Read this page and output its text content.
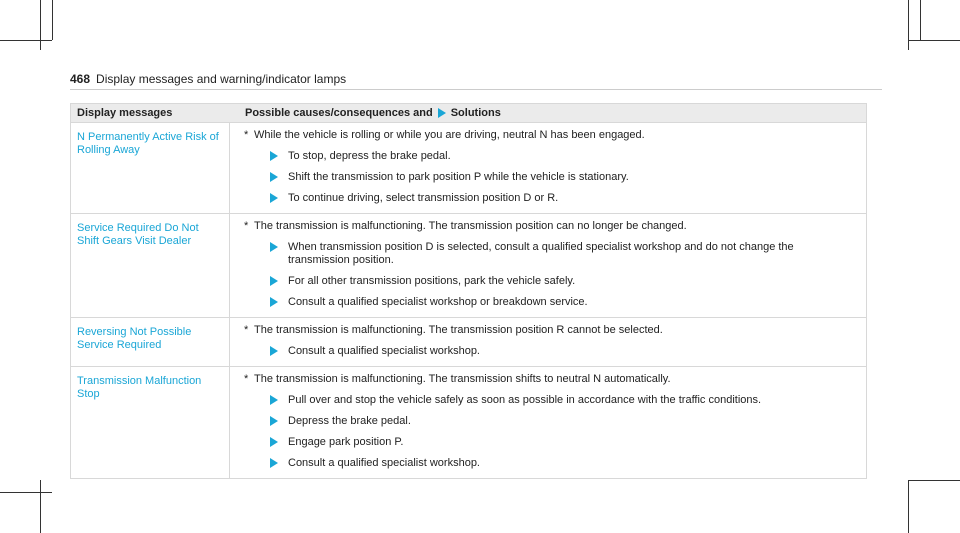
468 Display messages and warning/indicator lamps
Display messages	Possible causes/consequences and Solutions
N Permanently Active Risk of Rolling Away
* While the vehicle is rolling or while you are driving, neutral N has been engaged.
To stop, depress the brake pedal.
Shift the transmission to park position P while the vehicle is stationary.
To continue driving, select transmission position D or R.
Service Required Do Not Shift Gears Visit Dealer
* The transmission is malfunctioning. The transmission position can no longer be changed.
When transmission position D is selected, consult a qualified specialist workshop and do not change the transmission position.
For all other transmission positions, park the vehicle safely.
Consult a qualified specialist workshop or breakdown service.
Reversing Not Possible Service Required
* The transmission is malfunctioning. The transmission position R cannot be selected.
Consult a qualified specialist workshop.
Transmission Malfunction Stop
* The transmission is malfunctioning. The transmission shifts to neutral N automatically.
Pull over and stop the vehicle safely as soon as possible in accordance with the traffic conditions.
Depress the brake pedal.
Engage park position P.
Consult a qualified specialist workshop.
